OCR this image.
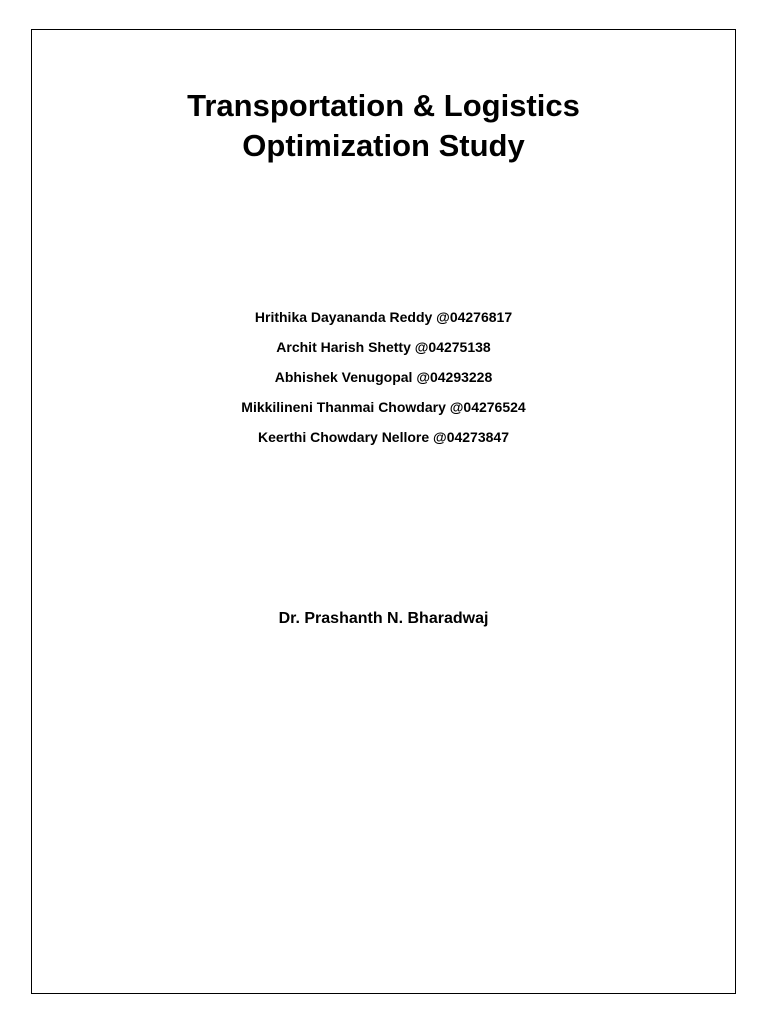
Transportation & Logistics
Optimization Study
Hrithika Dayananda Reddy @04276817
Archit Harish Shetty @04275138
Abhishek Venugopal @04293228
Mikkilineni Thanmai Chowdary @04276524
Keerthi Chowdary Nellore @04273847
Dr. Prashanth N. Bharadwaj
